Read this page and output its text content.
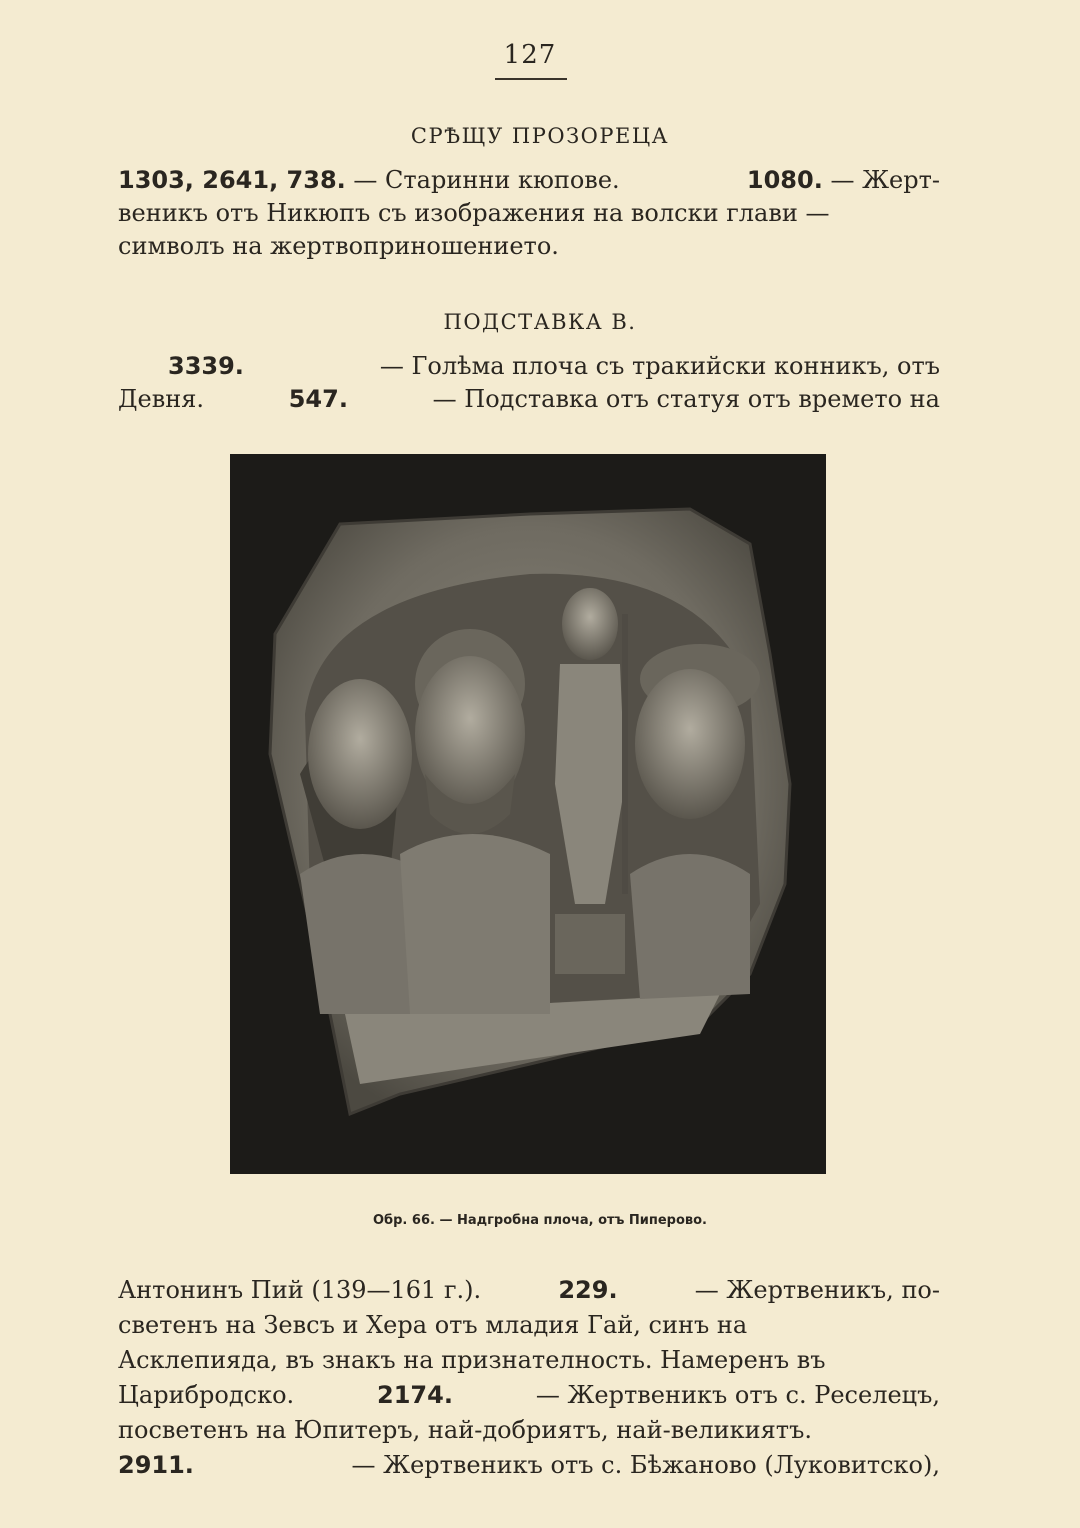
127
СРѢЩУ ПРОЗОРЕЦА
1303, 2641, 738. — Старинни кюпове.	1080. — Жерт-
веникъ отъ Никюпъ съ изображения на волски глави —
символъ на жертвоприношението.
ПОДСТАВКА В.
3339.	— Голѣма плоча съ тракийски конникъ, отъ
Девня.	547.	— Подставка отъ статуя отъ времето на
Обр. 66. — Надгробна плоча, отъ Пиперово.
Антонинъ Пий (139—161 г.).	229.	— Жертвеникъ, по-
светенъ на Зевсъ и Хера отъ младия Гай, синъ на
Асклепияда, въ знакъ на признателность. Намеренъ въ
Царибродско.	2174.	— Жертвеникъ отъ с. Реселецъ,
посветенъ на Юпитеръ, най-добриятъ, най-великиятъ.
2911.	— Жертвеникъ отъ с. Бѣжаново (Луковитско),
